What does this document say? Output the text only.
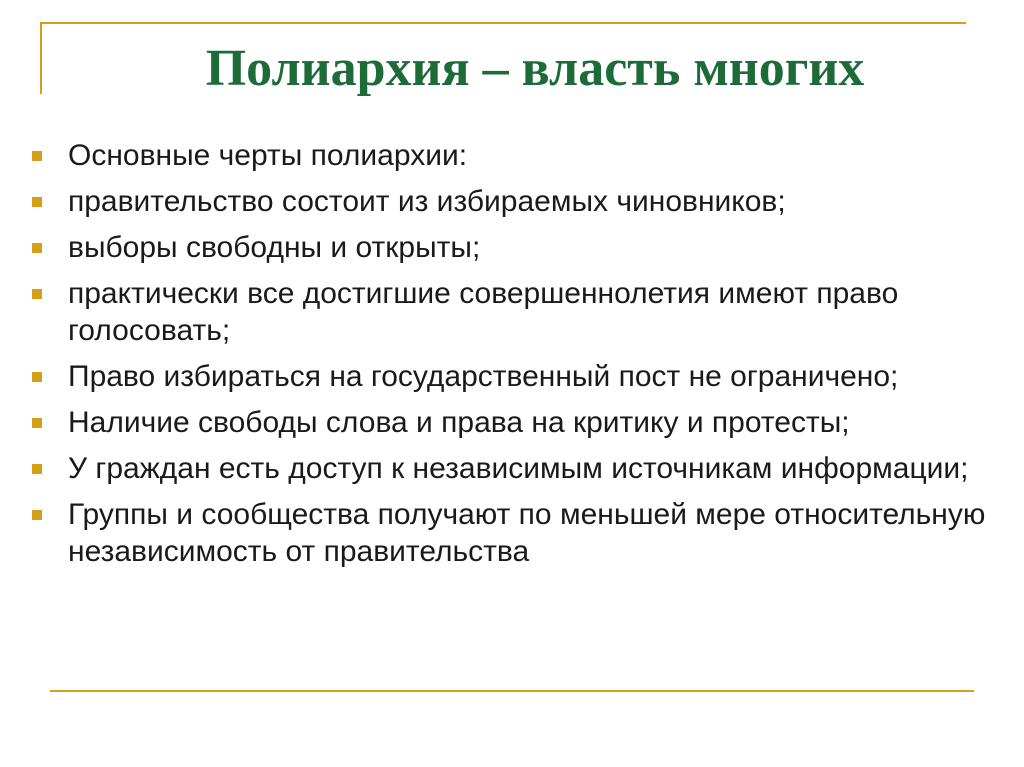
Полиархия – власть многих
Основные черты полиархии:
правительство состоит из избираемых чиновников;
выборы свободны и открыты;
практически все достигшие совершеннолетия имеют право голосовать;
Право избираться на государственный пост не ограничено;
Наличие свободы слова и права на критику и протесты;
У граждан есть доступ к независимым источникам информации;
Группы и сообщества получают по меньшей мере относительную независимость от правительства
